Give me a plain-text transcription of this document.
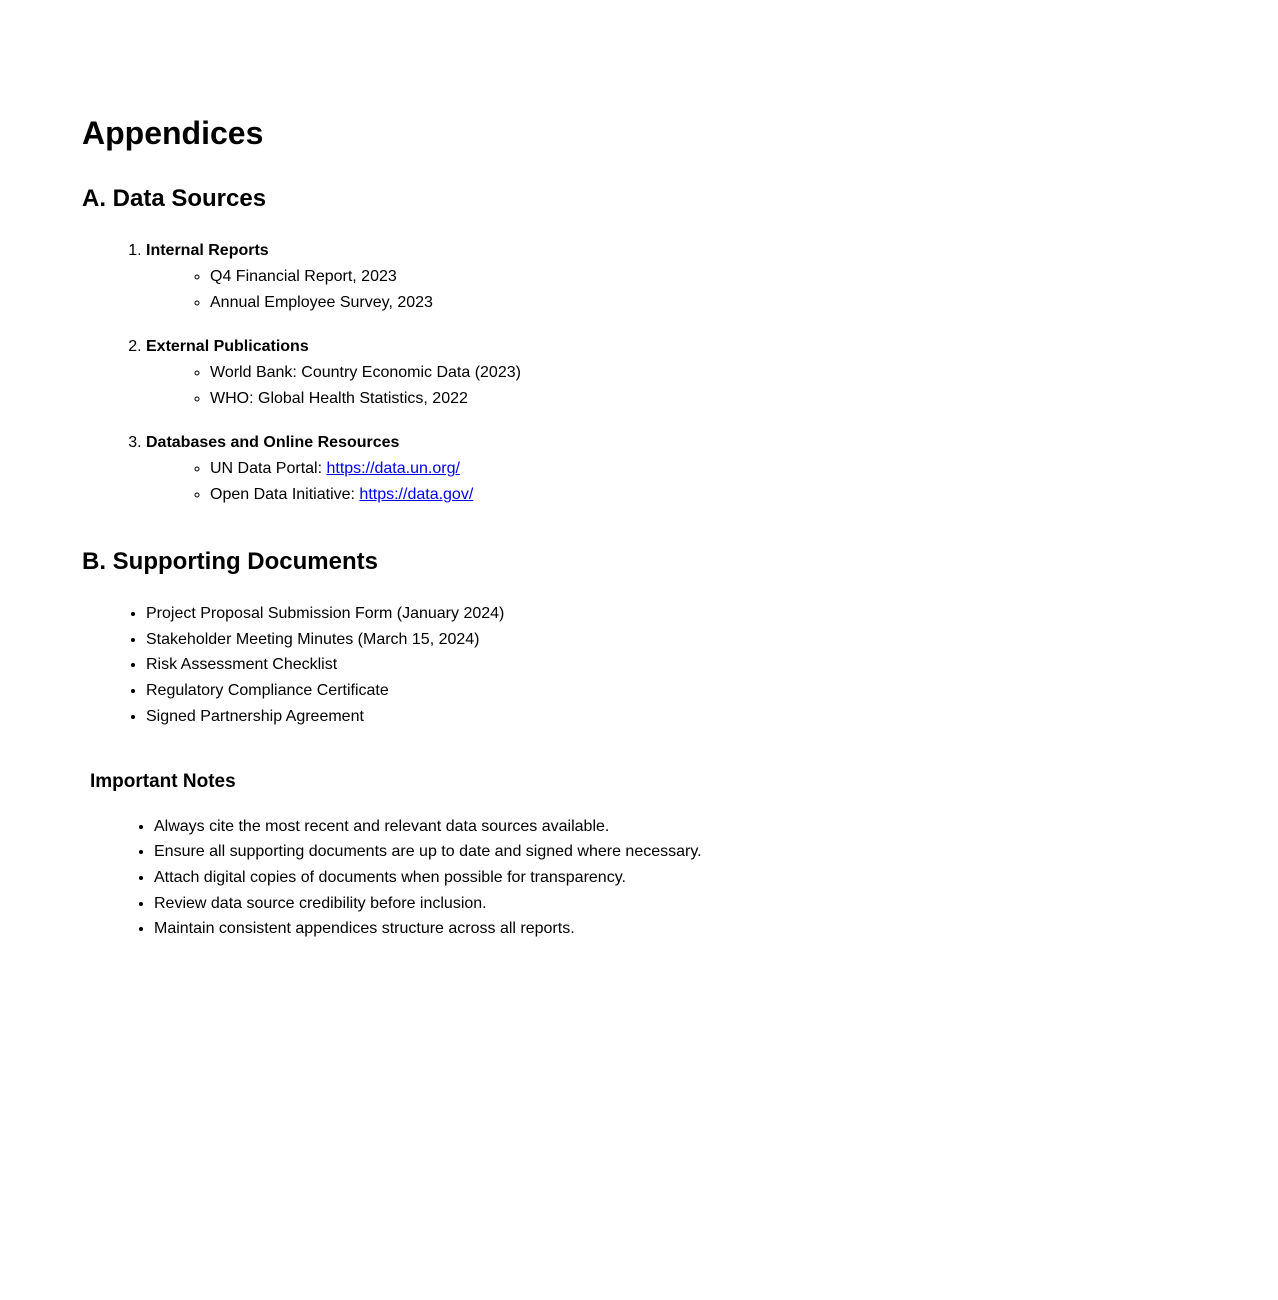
Appendices
A. Data Sources
1. Internal Reports
◦ Q4 Financial Report, 2023
◦ Annual Employee Survey, 2023
2. External Publications
◦ World Bank: Country Economic Data (2023)
◦ WHO: Global Health Statistics, 2022
3. Databases and Online Resources
◦ UN Data Portal: https://data.un.org/
◦ Open Data Initiative: https://data.gov/
B. Supporting Documents
• Project Proposal Submission Form (January 2024)
• Stakeholder Meeting Minutes (March 15, 2024)
• Risk Assessment Checklist
• Regulatory Compliance Certificate
• Signed Partnership Agreement
Important Notes
• Always cite the most recent and relevant data sources available.
• Ensure all supporting documents are up to date and signed where necessary.
• Attach digital copies of documents when possible for transparency.
• Review data source credibility before inclusion.
• Maintain consistent appendices structure across all reports.
